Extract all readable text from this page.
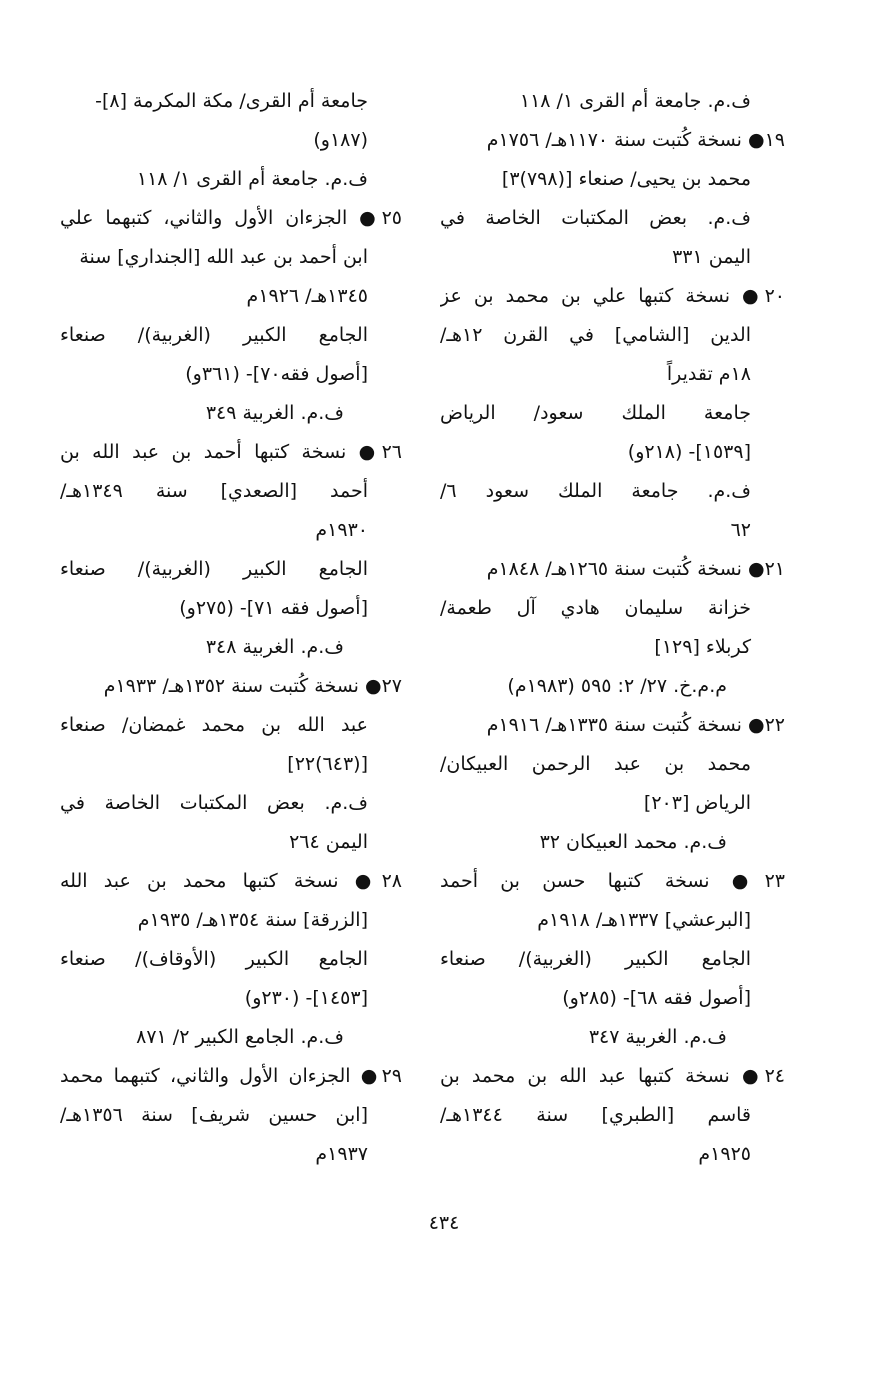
ف.م. جامعة أم القرى ١/ ١١٨
١٩● نسخة كُتبت سنة ١١٧٠هـ/ ١٧٥٦م
محمد بن يحيى/ صنعاء [(٧٩٨)٣]
ف.م. بعض المكتبات الخاصة في
اليمن ٣٣١
٢٠● نسخة كتبها علي بن محمد بن عز
الدين [الشامي] في القرن ١٢هـ/
١٨م تقديراً
جامعة الملك سعود/ الرياض
[١٥٣٩]- (٢١٨و)
ف.م. جامعة الملك سعود ٦/
٦٢
٢١● نسخة كُتبت سنة ١٢٦٥هـ/ ١٨٤٨م
خزانة سليمان هادي آل طعمة/
كربلاء [١٢٩]
م.م.خ. ٢٧/ ٢: ٥٩٥ (١٩٨٣م)
٢٢● نسخة كُتبت سنة ١٣٣٥هـ/ ١٩١٦م
محمد بن عبد الرحمن العبيكان/
الرياض [٢٠٣]
ف.م. محمد العبيكان ٣٢
٢٣● نسخة كتبها حسن بن أحمد
[البرعشي] ١٣٣٧هـ/ ١٩١٨م
الجامع الكبير (الغربية)/ صنعاء
[أصول فقه ٦٨]- (٢٨٥و)
ف.م. الغربية ٣٤٧
٢٤● نسخة كتبها عبد الله بن محمد بن
قاسم [الطبري] سنة ١٣٤٤هـ/
١٩٢٥م
جامعة أم القرى/ مكة المكرمة [٨]-
(١٨٧و)
ف.م. جامعة أم القرى ١/ ١١٨
٢٥● الجزءان الأول والثاني، كتبهما علي
ابن أحمد بن عبد الله [الجنداري] سنة
١٣٤٥هـ/ ١٩٢٦م
الجامع الكبير (الغربية)/ صنعاء
[أصول فقه٧٠]- (٣٦١و)
ف.م. الغربية ٣٤٩
٢٦● نسخة كتبها أحمد بن عبد الله بن
أحمد [الصعدي] سنة ١٣٤٩هـ/
١٩٣٠م
الجامع الكبير (الغربية)/ صنعاء
[أصول فقه ٧١]- (٢٧٥و)
ف.م. الغربية ٣٤٨
٢٧● نسخة كُتبت سنة ١٣٥٢هـ/ ١٩٣٣م
عبد الله بن محمد غمضان/ صنعاء
[(٦٤٣)٢٢]
ف.م. بعض المكتبات الخاصة في
اليمن ٢٦٤
٢٨● نسخة كتبها محمد بن عبد الله
[الزرقة] سنة ١٣٥٤هـ/ ١٩٣٥م
الجامع الكبير (الأوقاف)/ صنعاء
[١٤٥٣]- (٢٣٠و)
ف.م. الجامع الكبير ٢/ ٨٧١
٢٩● الجزءان الأول والثاني، كتبهما محمد
[ابن حسين شريف] سنة ١٣٥٦هـ/
١٩٣٧م
٤٣٤
